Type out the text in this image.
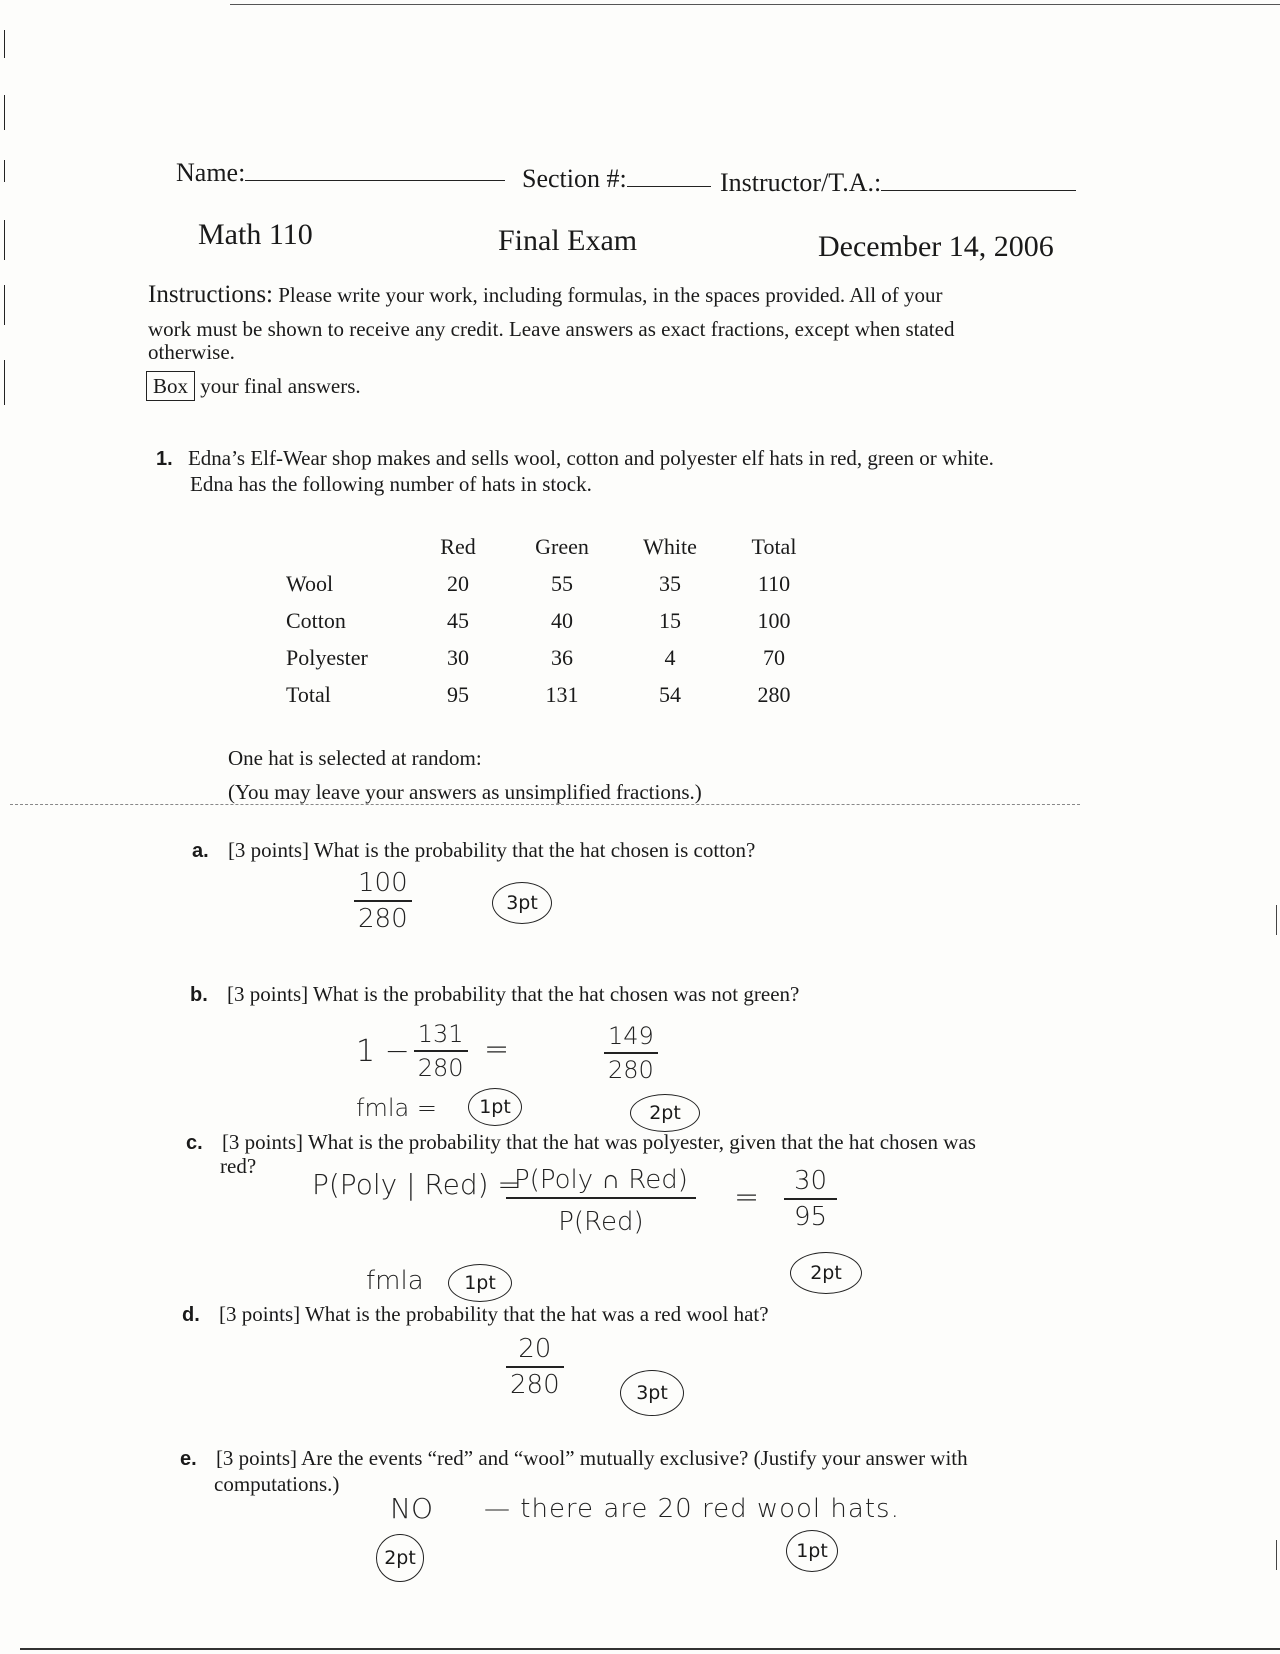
Name:	Section #:	Instructor/T.A.:
Math 110	Final Exam	December 14, 2006
Instructions: Please write your work, including formulas, in the spaces provided. All of your
work must be shown to receive any credit. Leave answers as exact fractions, except when stated
otherwise.
Box your final answers.
1. Edna’s Elf-Wear shop makes and sells wool, cotton and polyester elf hats in red, green or white.
Edna has the following number of hats in stock.
	Red	Green	White	Total
Wool	20	55	35	110
Cotton	45	40	15	100
Polyester	30	36	4	70
Total	95	131	54	280
One hat is selected at random:
(You may leave your answers as unsimplified fractions.)
a. [3 points] What is the probability that the hat chosen is cotton?
$\frac{100}{280}$	3pt
b. [3 points] What is the probability that the hat chosen was not green?
$1 - \frac{131}{280}$ =	$\frac{149}{280}$
fmla =	1pt	2pt
c. [3 points] What is the probability that the hat was polyester, given that the hat chosen was
red?
P(Poly | Red) =
$\frac{\text{P(Poly ∩ Red)}}{\text{P(Red)}} = \frac{30}{95}$
fmla	1pt	2pt
d. [3 points] What is the probability that the hat was a red wool hat?
$\frac{20}{280}$	3pt
e. [3 points] Are the events “red” and “wool” mutually exclusive? (Justify your answer with
computations.)
NO — there are 20 red wool hats.
2pt	1pt
